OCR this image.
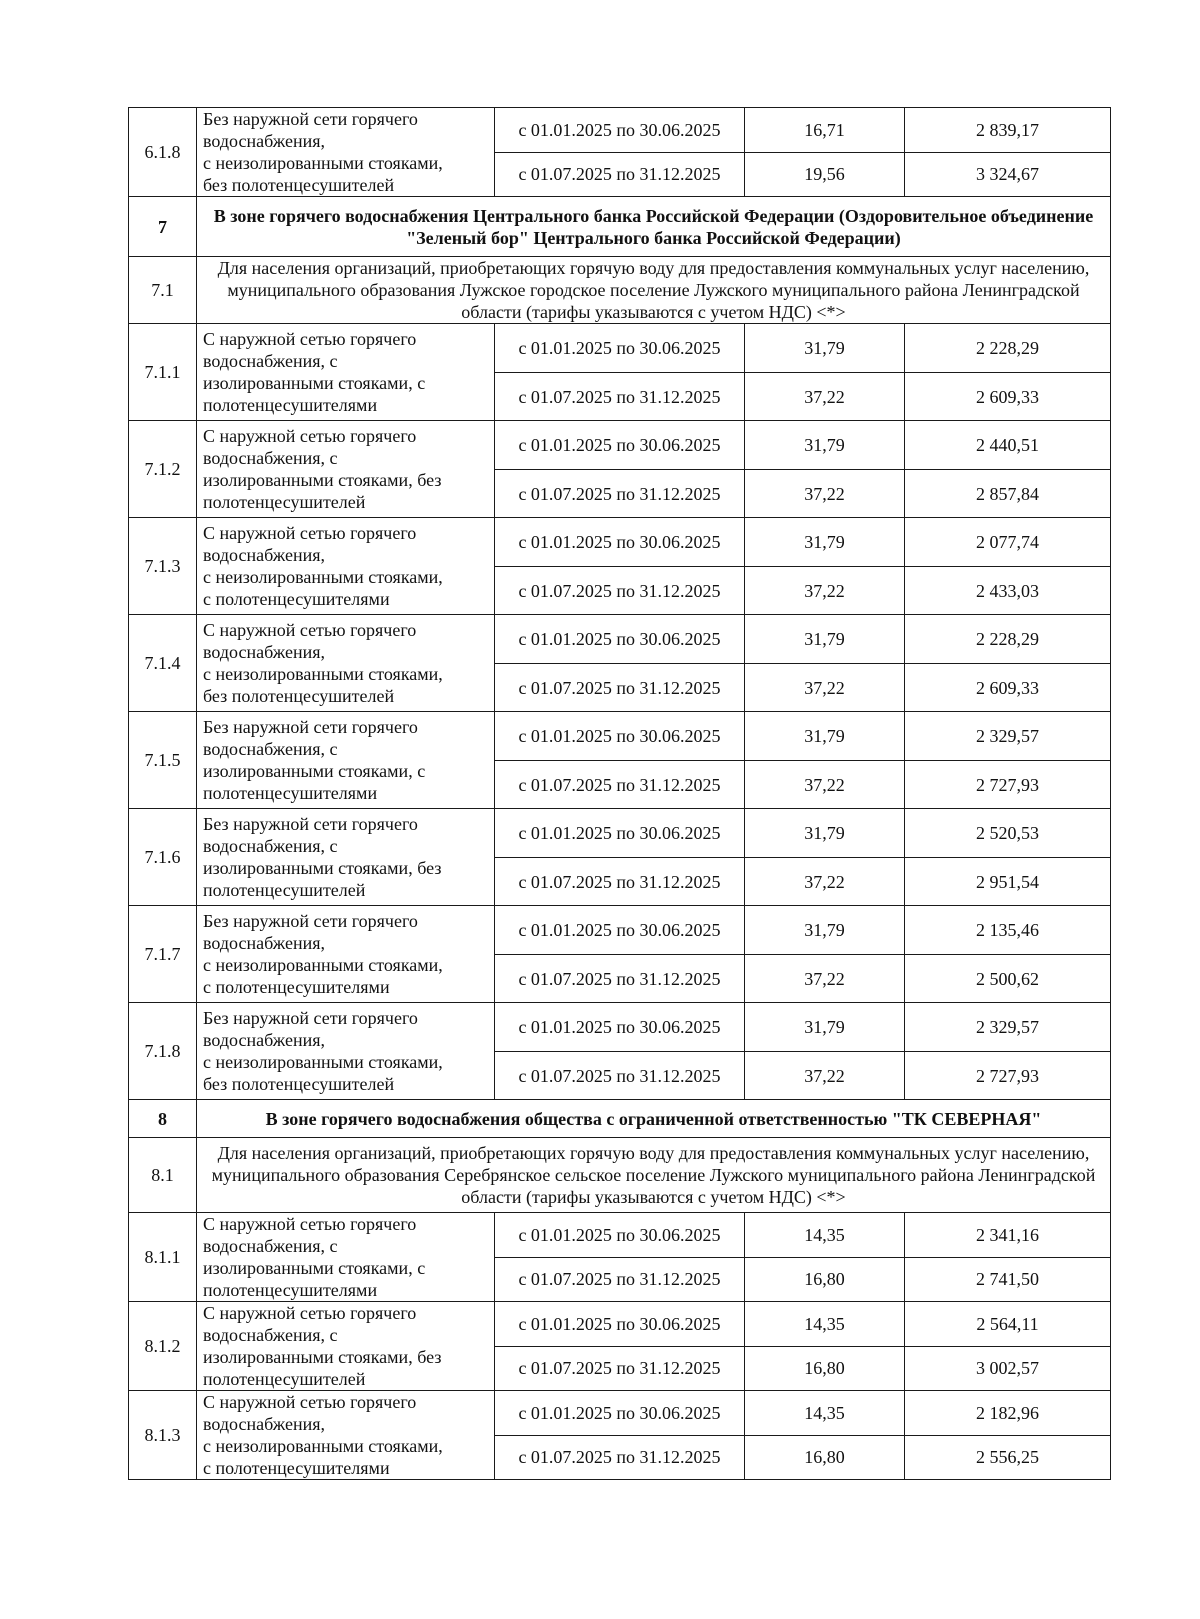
6.1.8	Без наружной сети горячего
водоснабжения,
с неизолированными стояками,
без полотенцесушителей	с 01.01.2025 по 30.06.2025	16,71	2 839,17
		с 01.07.2025 по 31.12.2025	19,56	3 324,67
7	В зоне горячего водоснабжения Центрального банка Российской Федерации (Оздоровительное объединение "Зеленый бор" Центрального банка Российской Федерации)			
7.1	Для населения организаций, приобретающих горячую воду для предоставления коммунальных услуг населению, муниципального образования Лужское городское поселение Лужского муниципального района Ленинградской области (тарифы указываются с учетом НДС) <*>			
7.1.1	С наружной сетью горячего
водоснабжения, с
изолированными стояками, с
полотенцесушителями	с 01.01.2025 по 30.06.2025	31,79	2 228,29
		с 01.07.2025 по 31.12.2025	37,22	2 609,33
7.1.2	С наружной сетью горячего
водоснабжения, с
изолированными стояками, без
полотенцесушителей	с 01.01.2025 по 30.06.2025	31,79	2 440,51
		с 01.07.2025 по 31.12.2025	37,22	2 857,84
7.1.3	С наружной сетью горячего
водоснабжения,
с неизолированными стояками,
с полотенцесушителями	с 01.01.2025 по 30.06.2025	31,79	2 077,74
		с 01.07.2025 по 31.12.2025	37,22	2 433,03
7.1.4	С наружной сетью горячего
водоснабжения,
с неизолированными стояками,
без полотенцесушителей	с 01.01.2025 по 30.06.2025	31,79	2 228,29
		с 01.07.2025 по 31.12.2025	37,22	2 609,33
7.1.5	Без наружной сети горячего
водоснабжения, с
изолированными стояками, с
полотенцесушителями	с 01.01.2025 по 30.06.2025	31,79	2 329,57
		с 01.07.2025 по 31.12.2025	37,22	2 727,93
7.1.6	Без наружной сети горячего
водоснабжения, с
изолированными стояками, без
полотенцесушителей	с 01.01.2025 по 30.06.2025	31,79	2 520,53
		с 01.07.2025 по 31.12.2025	37,22	2 951,54
7.1.7	Без наружной сети горячего
водоснабжения,
с неизолированными стояками,
с полотенцесушителями	с 01.01.2025 по 30.06.2025	31,79	2 135,46
		с 01.07.2025 по 31.12.2025	37,22	2 500,62
7.1.8	Без наружной сети горячего
водоснабжения,
с неизолированными стояками,
без полотенцесушителей	с 01.01.2025 по 30.06.2025	31,79	2 329,57
		с 01.07.2025 по 31.12.2025	37,22	2 727,93
8	В зоне горячего водоснабжения общества с ограниченной ответственностью "ТК СЕВЕРНАЯ"			
8.1	Для населения организаций, приобретающих горячую воду для предоставления коммунальных услуг населению, муниципального образования Серебрянское сельское поселение Лужского муниципального района Ленинградской области (тарифы указываются с учетом НДС) <*>			
8.1.1	С наружной сетью горячего
водоснабжения, с
изолированными стояками, с
полотенцесушителями	с 01.01.2025 по 30.06.2025	14,35	2 341,16
		с 01.07.2025 по 31.12.2025	16,80	2 741,50
8.1.2	С наружной сетью горячего
водоснабжения, с
изолированными стояками, без
полотенцесушителей	с 01.01.2025 по 30.06.2025	14,35	2 564,11
		с 01.07.2025 по 31.12.2025	16,80	3 002,57
8.1.3	С наружной сетью горячего
водоснабжения,
с неизолированными стояками,
с полотенцесушителями	с 01.01.2025 по 30.06.2025	14,35	2 182,96
		с 01.07.2025 по 31.12.2025	16,80	2 556,25
